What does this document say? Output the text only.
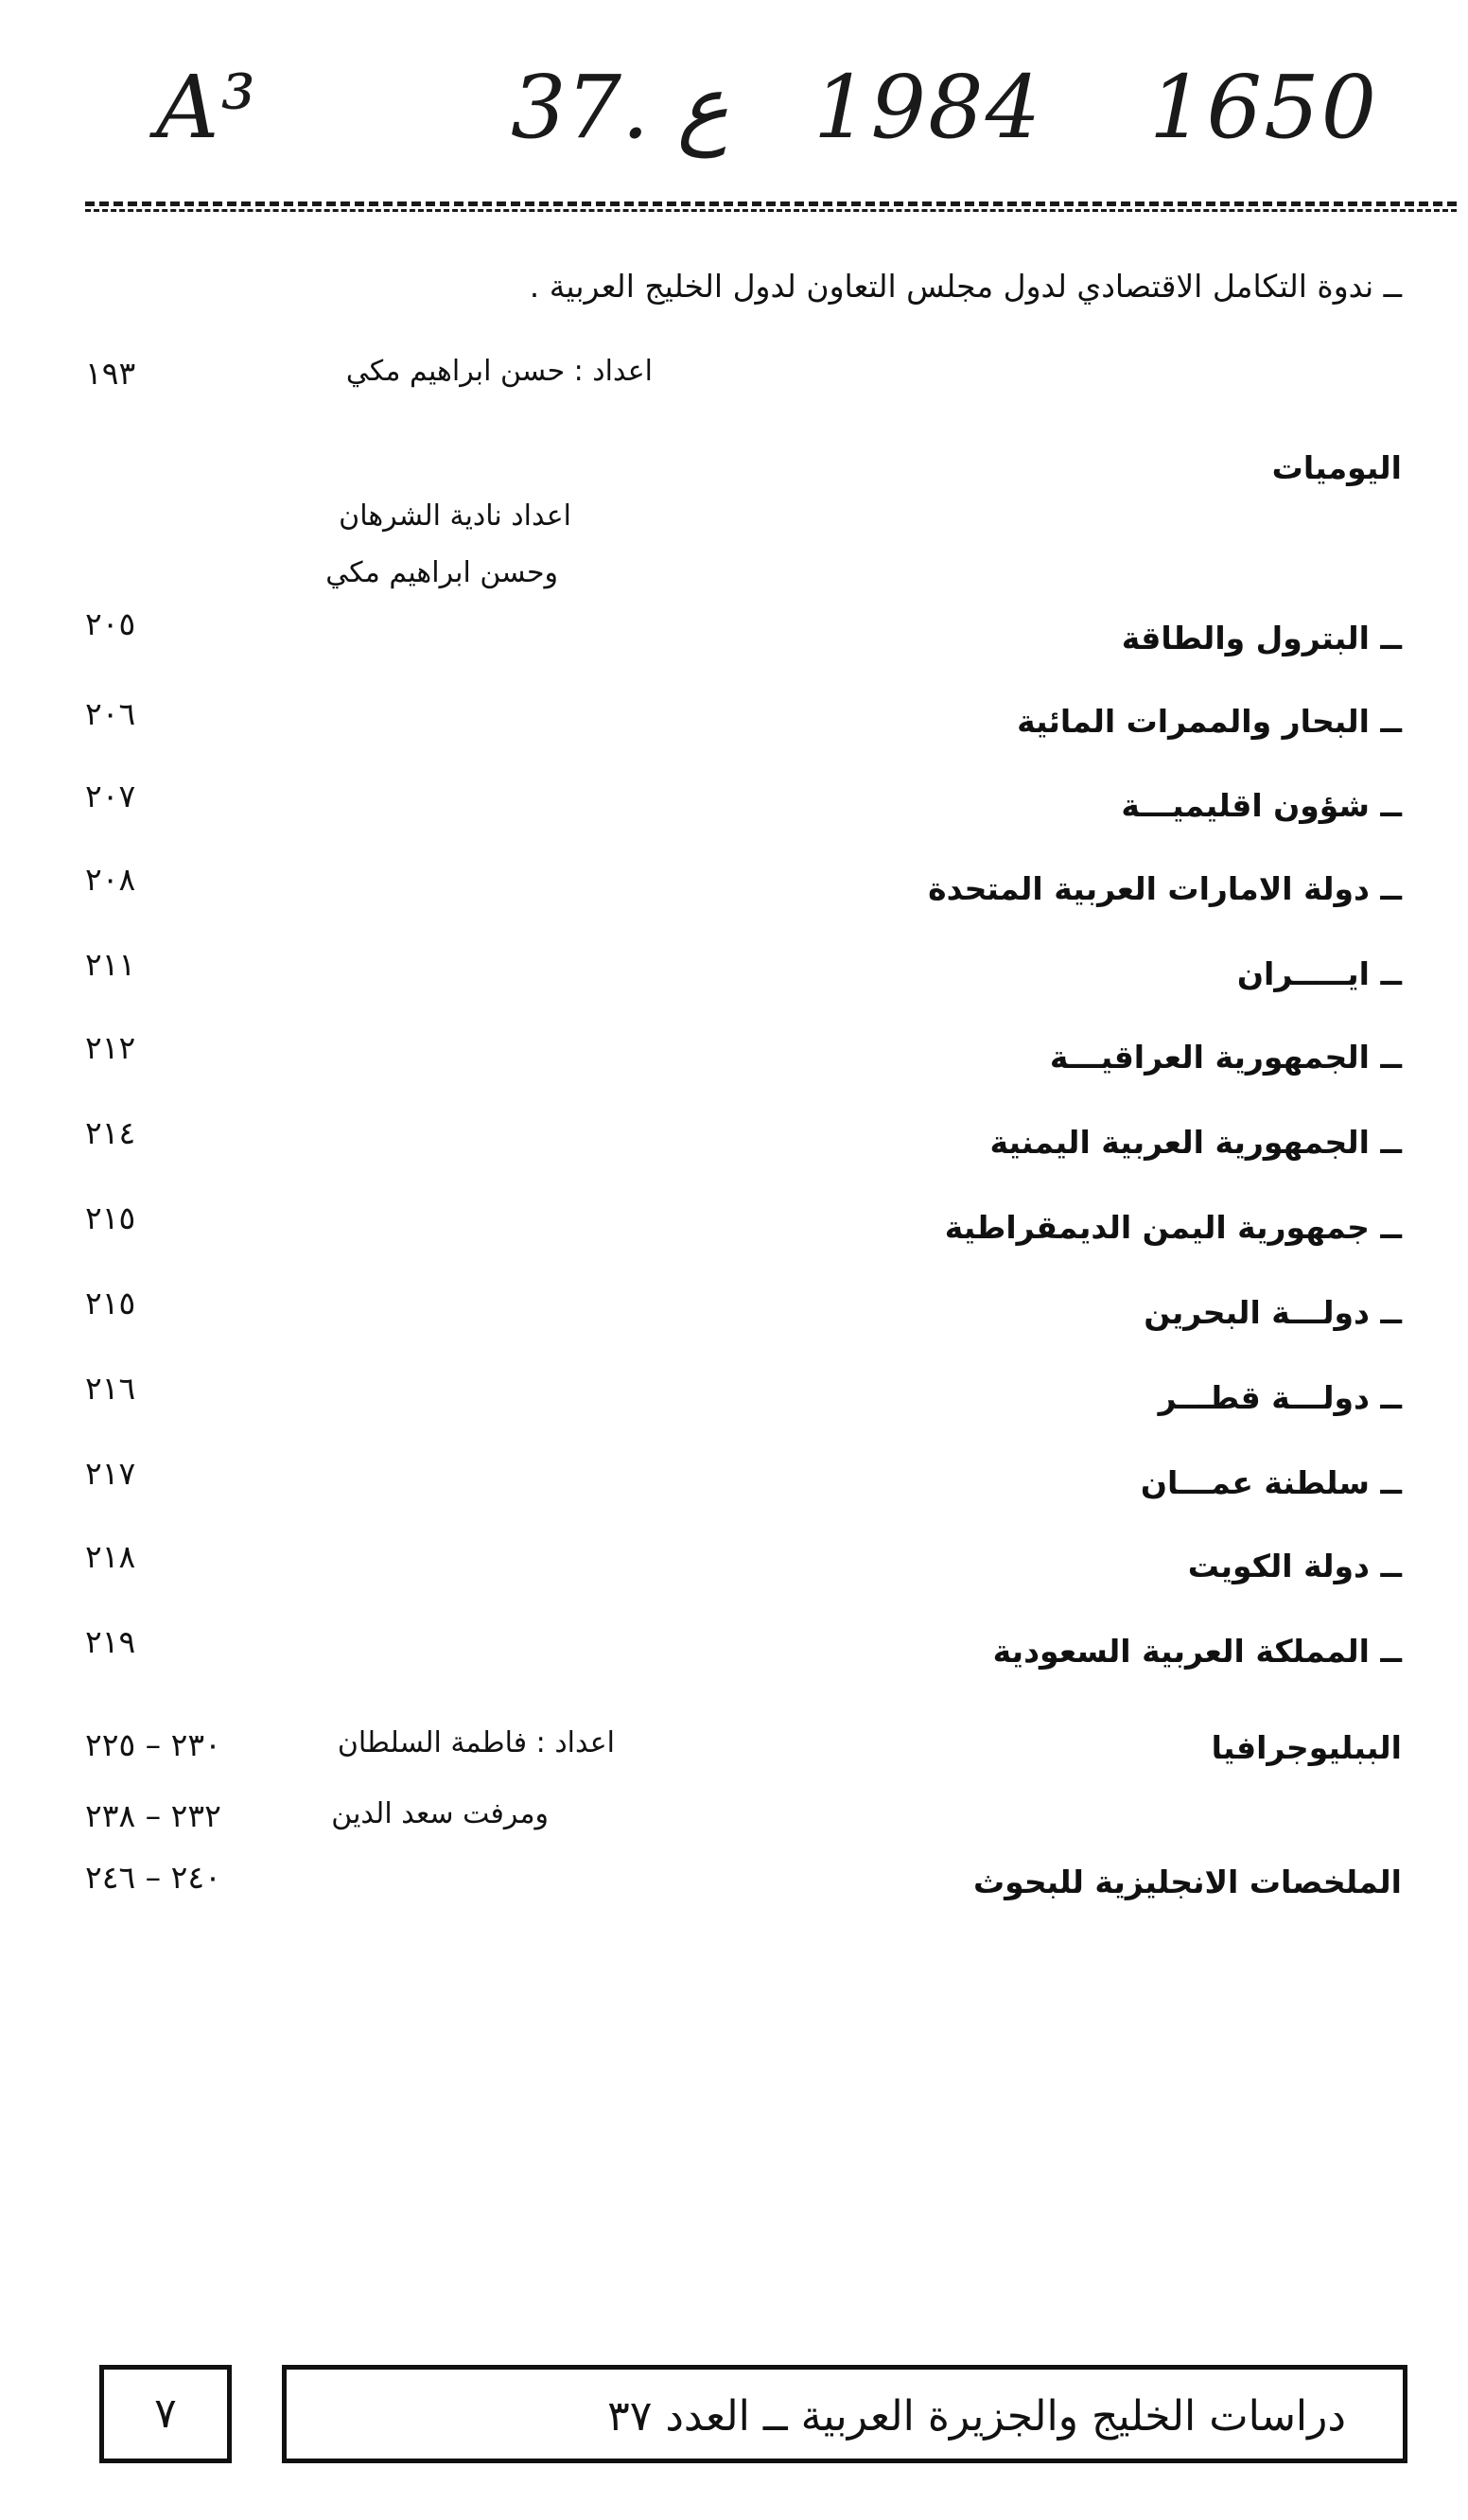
A³	37. ع 1984 1650
ــ ندوة التكامل الاقتصادي لدول مجلس التعاون لدول الخليج العربية .
اعداد : حسن ابراهيم مكي
١٩٣
اليوميات
اعداد نادية الشرهان
وحسن ابراهيم مكي
ــ البترول والطاقة
٢٠٥
ــ البحار والممرات المائية
٢٠٦
ــ شؤون اقليميـــة
٢٠٧
ــ دولة الامارات العربية المتحدة
٢٠٨
ــ ايـــــران
٢١١
ــ الجمهورية العراقيـــة
٢١٢
ــ الجمهورية العربية اليمنية
٢١٤
ــ جمهورية اليمن الديمقراطية
٢١٥
ــ دولـــة البحرين
٢١٥
ــ دولـــة قطـــر
٢١٦
ــ سلطنة عمـــان
٢١٧
ــ دولة الكويت
٢١٨
ــ المملكة العربية السعودية
٢١٩
الببليوجرافيا
اعداد : فاطمة السلطان
٢٣٠ – ٢٢٥
ومرفت سعد الدين
٢٣٢ – ٢٣٨
الملخصات الانجليزية للبحوث
٢٤٠ – ٢٤٦
٧	دراسات الخليج والجزيرة العربية ــ العدد ٣٧
